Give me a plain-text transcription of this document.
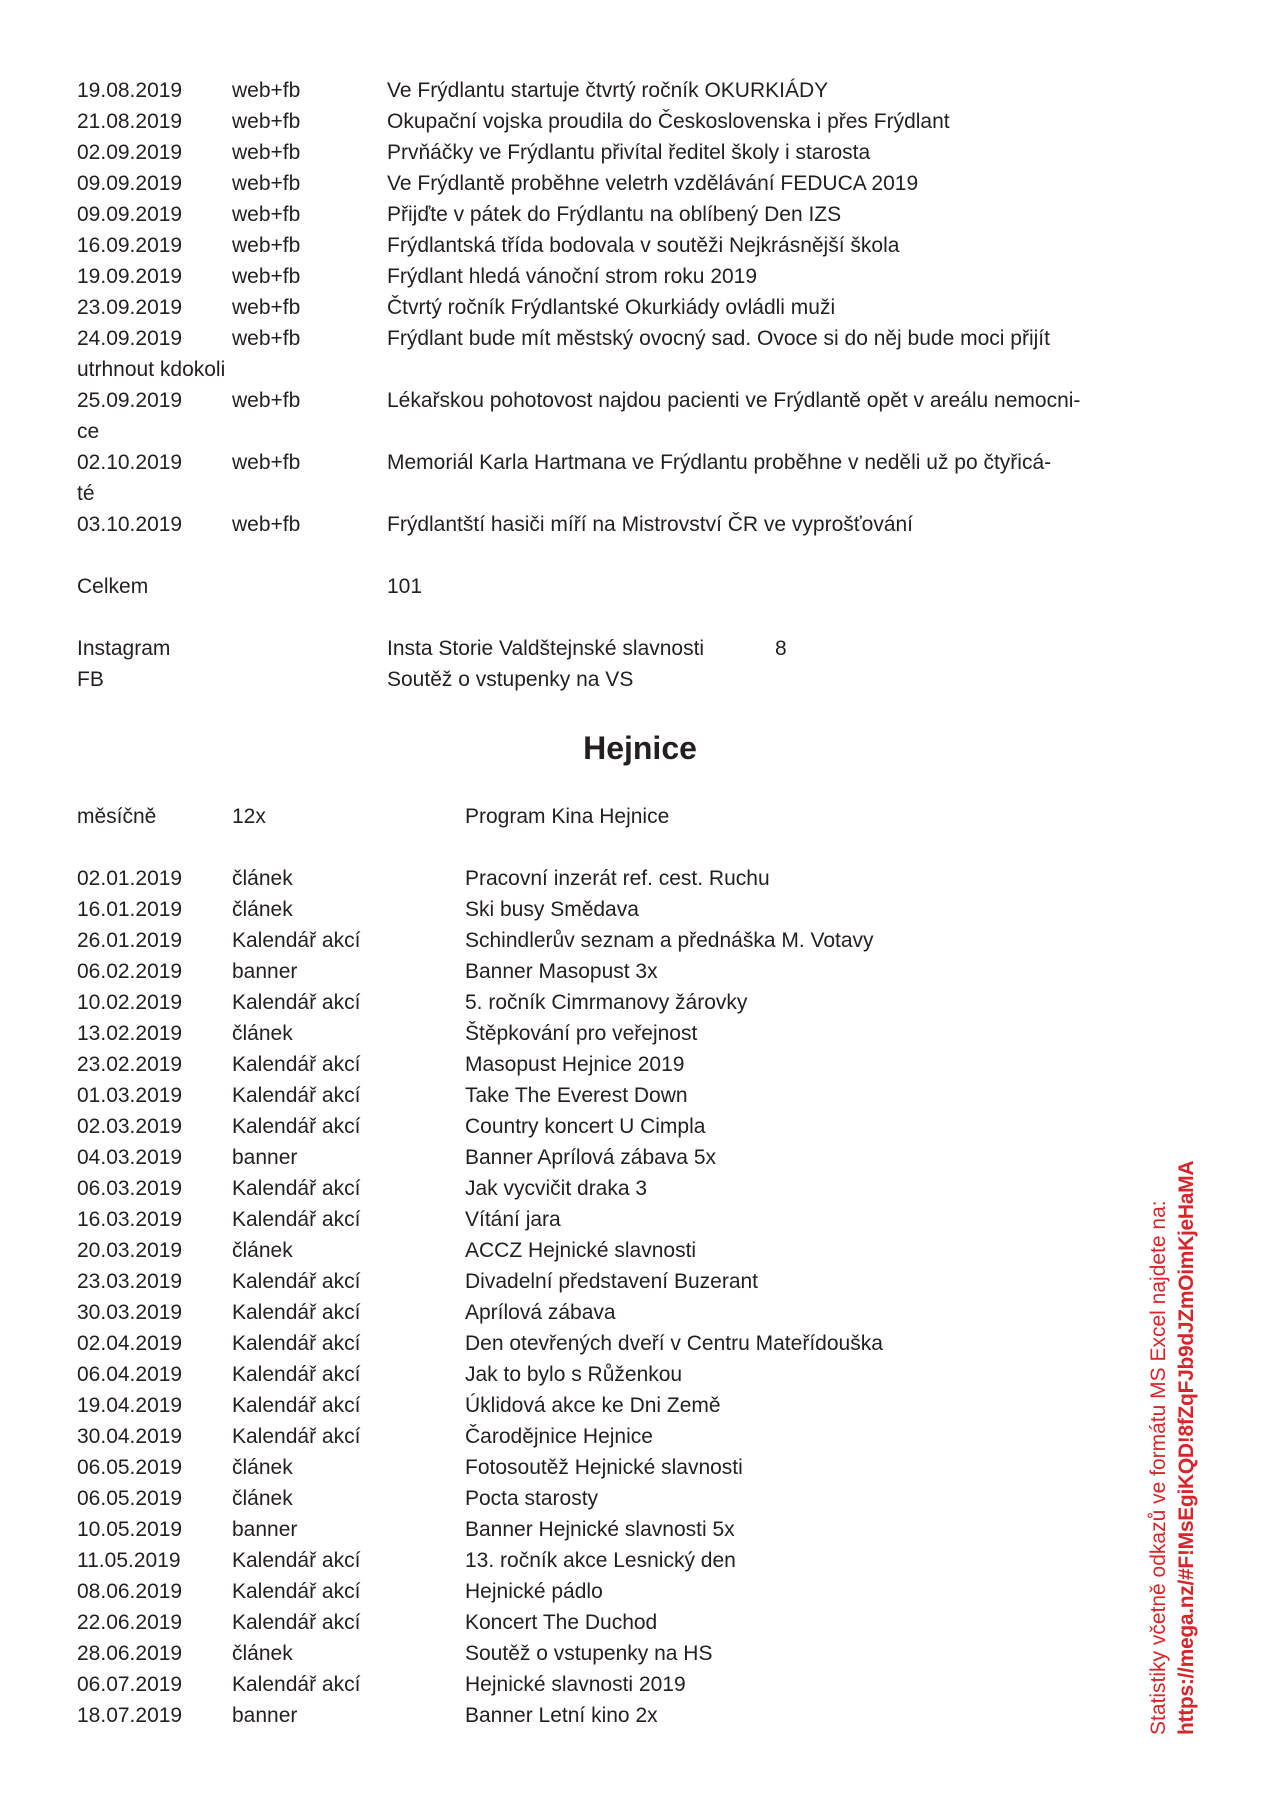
19.08.2019 web+fb	Ve Frýdlantu startuje čtvrtý ročník OKURKIÁDY
21.08.2019 web+fb	Okupační vojska proudila do Československa i přes Frýdlant
02.09.2019 web+fb	Prvňáčky ve Frýdlantu přivítal ředitel školy i starosta
09.09.2019 web+fb	Ve Frýdlantě proběhne veletrh vzdělávání FEDUCA 2019
09.09.2019 web+fb	Přijďte v pátek do Frýdlantu na oblíbený Den IZS
16.09.2019 web+fb	Frýdlantská třída bodovala v soutěži Nejkrásnější škola
19.09.2019 web+fb	Frýdlant hledá vánoční strom roku 2019
23.09.2019 web+fb	Čtvrtý ročník Frýdlantské Okurkiády ovládli muži
24.09.2019 web+fb	Frýdlant bude mít městský ovocný sad. Ovoce si do něj bude moci přijít
utrhnout kdokoli
25.09.2019 web+fb	Lékařskou pohotovost najdou pacienti ve Frýdlantě opět v areálu nemocni-
ce
02.10.2019 web+fb	Memoriál Karla Hartmana ve Frýdlantu proběhne v neděli už po čtyřicá-
té
03.10.2019 web+fb	Frýdlantští hasiči míří na Mistrovství ČR ve vyprošťování
Celkem	101
Instagram	Insta Storie Valdštejnské slavnosti	8
FB	Soutěž o vstupenky na VS
Hejnice
měsíčně	12x	Program Kina Hejnice
02.01.2019 článek	Pracovní inzerát ref. cest. Ruchu
16.01.2019 článek	Ski busy Smědava
26.01.2019 Kalendář akcí	Schindlerův seznam a přednáška M. Votavy
06.02.2019 banner	Banner Masopust 3x
10.02.2019 Kalendář akcí	5. ročník Cimrmanovy žárovky
13.02.2019 článek	Štěpkování pro veřejnost
23.02.2019 Kalendář akcí	Masopust Hejnice 2019
01.03.2019 Kalendář akcí	Take The Everest Down
02.03.2019 Kalendář akcí	Country koncert U Cimpla
04.03.2019 banner	Banner Aprílová zábava 5x
06.03.2019 Kalendář akcí	Jak vycvičit draka 3
16.03.2019 Kalendář akcí	Vítání jara
20.03.2019 článek	ACCZ Hejnické slavnosti
23.03.2019 Kalendář akcí	Divadelní představení Buzerant
30.03.2019 Kalendář akcí	Aprílová zábava
02.04.2019 Kalendář akcí	Den otevřených dveří v Centru Mateřídouška
06.04.2019 Kalendář akcí	Jak to bylo s Růženkou
19.04.2019 Kalendář akcí	Úklidová akce ke Dni Země
30.04.2019 Kalendář akcí	Čarodějnice Hejnice
06.05.2019 článek	Fotosoutěž Hejnické slavnosti
06.05.2019 článek	Pocta starosty
10.05.2019 banner	Banner Hejnické slavnosti 5x
11.05.2019 Kalendář akcí	13. ročník akce Lesnický den
08.06.2019 Kalendář akcí	Hejnické pádlo
22.06.2019 Kalendář akcí	Koncert The Duchod
28.06.2019 článek	Soutěž o vstupenky na HS
06.07.2019 Kalendář akcí	Hejnické slavnosti 2019
18.07.2019 banner	Banner Letní kino 2x	Statistiky včetně odkazů ve formátu MS Excel najdete na: https://mega.nz/#F!MsEgiKQD!8fZqFJb9dJZmOimKjeHaMA
